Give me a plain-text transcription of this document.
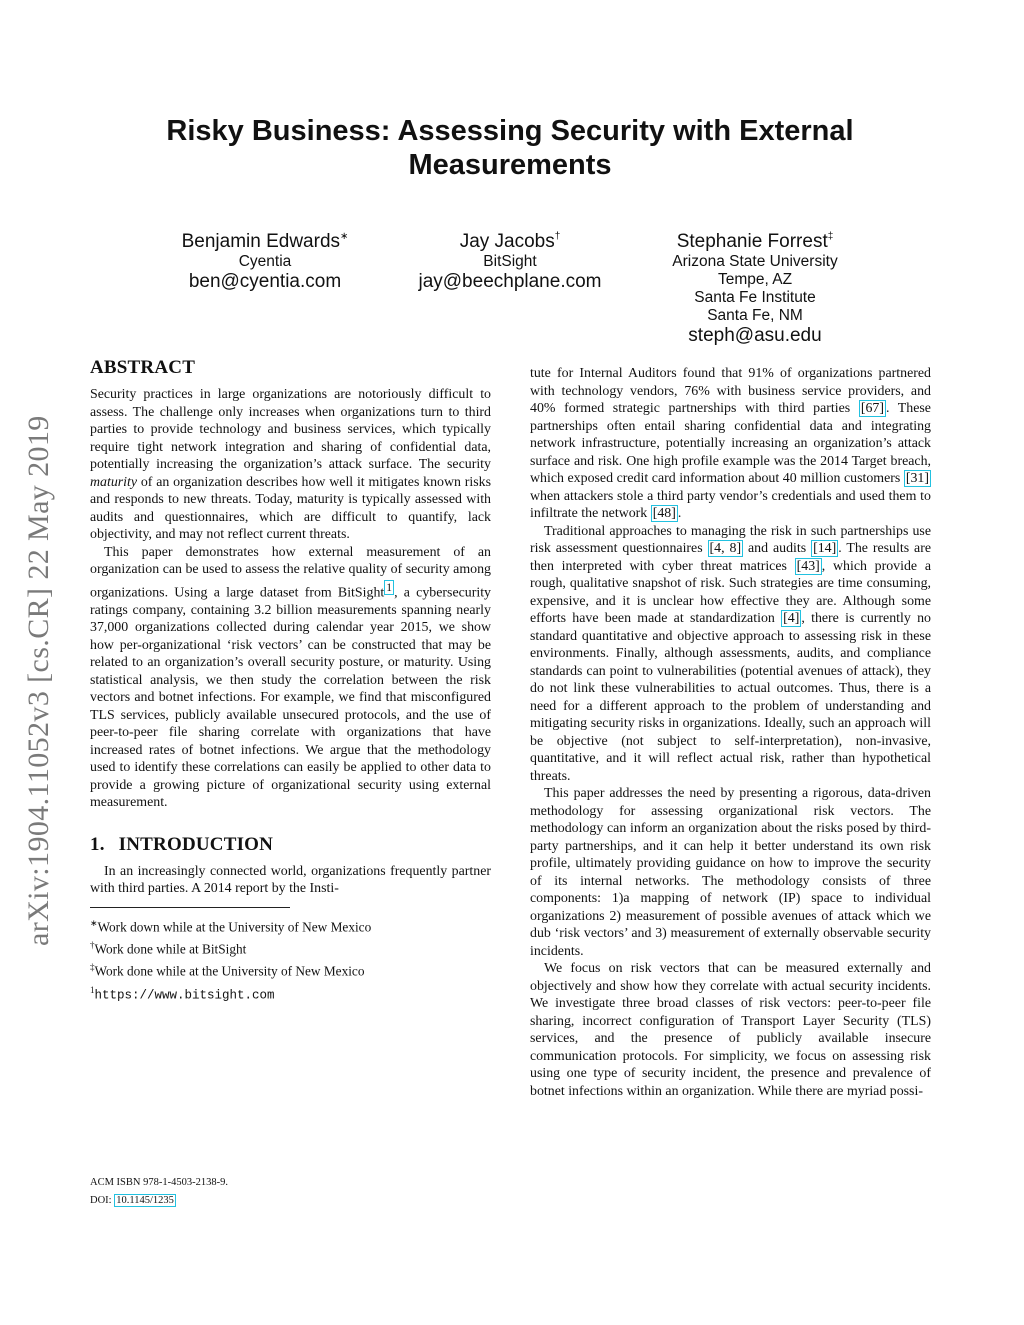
arXiv:1904.11052v3 [cs.CR] 22 May 2019
Risky Business: Assessing Security with External Measurements
Benjamin Edwards∗
Cyentia
ben@cyentia.com
Jay Jacobs†
BitSight
jay@beechplane.com
Stephanie Forrest‡
Arizona State University
Tempe, AZ
Santa Fe Institute
Santa Fe, NM
steph@asu.edu
ABSTRACT

Security practices in large organizations are notoriously difficult to assess. The challenge only increases when organizations turn to third parties to provide technology and business services, which typically require tight network integration and sharing of confidential data, potentially increasing the organization’s attack surface. The security maturity of an organization describes how well it mitigates known risks and responds to new threats. Today, maturity is typically assessed with audits and questionnaires, which are difficult to quantify, lack objectivity, and may not reflect current threats.

This paper demonstrates how external measurement of an organization can be used to assess the relative quality of security among organizations. Using a large dataset from BitSight $^1$ , a cybersecurity ratings company, containing 3.2 billion measurements spanning nearly 37,000 organizations collected during calendar year 2015, we show how per-organizational ‘risk vectors’ can be constructed that may be related to an organization’s overall security posture, or maturity. Using statistical analysis, we then study the correlation between the risk vectors and botnet infections. For example, we find that misconfigured TLS services, publicly available unsecured protocols, and the use of peer-to-peer file sharing correlate with organizations that have increased rates of botnet infections. We argue that the methodology used to identify these correlations can easily be applied to other data to provide a growing picture of organizational security using external measurement.

1. INTRODUCTION

In an increasingly connected world, organizations frequently partner with third parties. A 2014 report by the Insti-

∗Work down while at the University of New Mexico

†Work done while at BitSight

‡Work done while at the University of New Mexico

$^1$https://www.bitsight.com

ACM ISBN 978-1-4503-2138-9.
DOI: 10.1145/1235

tute for Internal Auditors found that 91% of organizations partnered with technology vendors, 76% with business service providers, and 40% formed strategic partnerships with third parties [67] . These partnerships often entail sharing confidential data and integrating network infrastructure, potentially increasing an organization’s attack surface and risk. One high profile example was the 2014 Target breach, which exposed credit card information about 40 million customers [31] when attackers stole a third party vendor’s credentials and used them to infiltrate the network [48] .

Traditional approaches to managing the risk in such partnerships use risk assessment questionnaires [4, 8] and audits [14] . The results are then interpreted with cyber threat matrices [43] , which provide a rough, qualitative snapshot of risk. Such strategies are time consuming, expensive, and it is unclear how effective they are. Although some efforts have been made at standardization [4] , there is currently no standard quantitative and objective approach to assessing risk in these environments. Finally, although assessments, audits, and compliance standards can point to vulnerabilities (potential avenues of attack), they do not link these vulnerabilities to actual outcomes. Thus, there is a need for a different approach to the problem of understanding and mitigating security risks in organizations. Ideally, such an approach will be objective (not subject to self-interpretation), non-invasive, quantitative, and it will reflect actual risk, rather than hypothetical threats.

This paper addresses the need by presenting a rigorous, data-driven methodology for assessing organizational risk vectors. The methodology can inform an organization about the risks posed by third-party partnerships, and it can help it better understand its own risk profile, ultimately providing guidance on how to improve the security of its internal networks. The methodology consists of three components: 1)a mapping of network (IP) space to individual organizations 2) measurement of possible avenues of attack which we dub ‘risk vectors’ and 3) measurement of externally observable security incidents.

We focus on risk vectors that can be measured externally and objectively and show how they correlate with actual security incidents. We investigate three broad classes of risk vectors: peer-to-peer file sharing, incorrect configuration of Transport Layer Security (TLS) services, and the presence of publicly available insecure communication protocols. For simplicity, we focus on assessing risk using one type of security incident, the presence and prevalence of botnet infections within an organization. While there are myriad possi-
